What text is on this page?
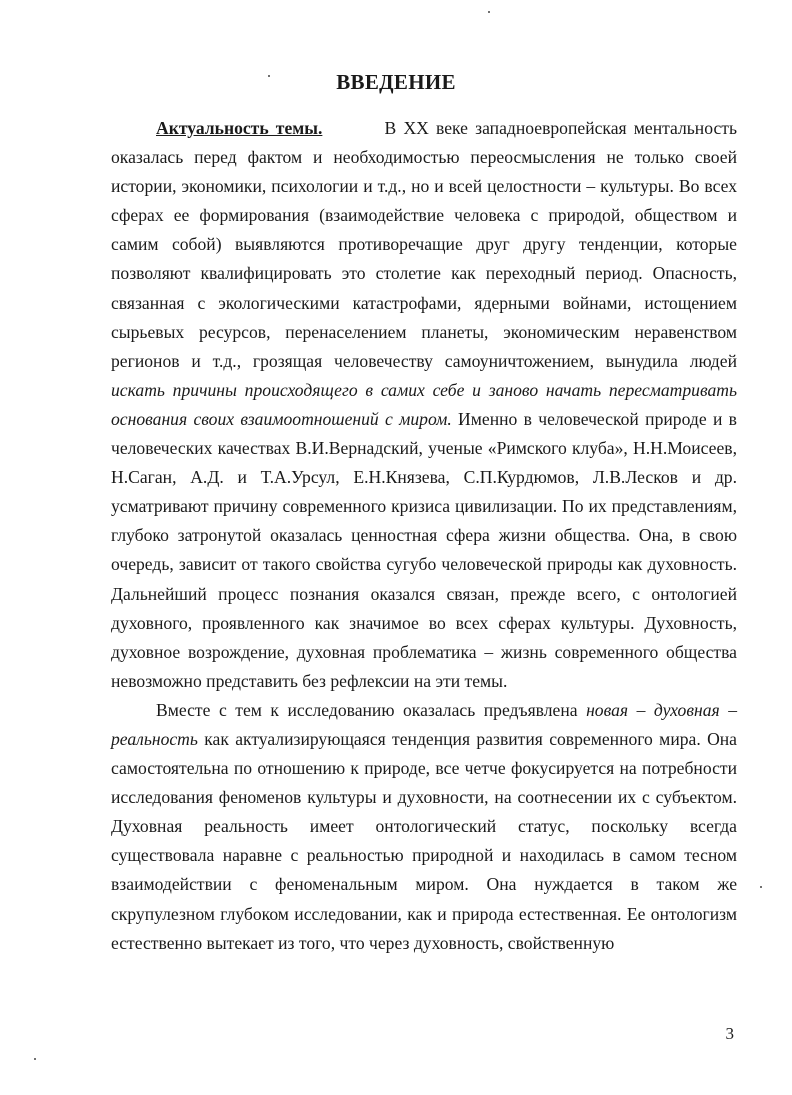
ВВЕДЕНИЕ

Актуальность темы.	В XX веке западноевропейская ментальность оказалась перед фактом и необходимостью переосмысления не только своей истории, экономики, психологии и т.д., но и всей целостности – культуры. Во всех сферах ее формирования (взаимодействие человека с природой, обществом и самим собой) выявляются противоречащие друг другу тенденции, которые позволяют квалифицировать это столетие как переходный период. Опасность, связанная с экологическими катастрофами, ядерными войнами, истощением сырьевых ресурсов, перенаселением планеты, экономическим неравенством регионов и т.д., грозящая человечеству самоуничтожением, вынудила людей искать причины происходящего в самих себе и заново начать пересматривать основания своих взаимоотношений с миром. Именно в человеческой природе и в человеческих качествах В.И.Вернадский, ученые «Римского клуба», Н.Н.Моисеев, Н.Саган, А.Д. и Т.А.Урсул, Е.Н.Князева, С.П.Курдюмов, Л.В.Лесков и др. усматривают причину современного кризиса цивилизации. По их представлениям, глубоко затронутой оказалась ценностная сфера жизни общества. Она, в свою очередь, зависит от такого свойства сугубо человеческой природы как духовность. Дальнейший процесс познания оказался связан, прежде всего, с онтологией духовного, проявленного как значимое во всех сферах культуры. Духовность, духовное возрождение, духовная проблематика – жизнь современного общества невозможно представить без рефлексии на эти темы.

Вместе с тем к исследованию оказалась предъявлена новая – духовная – реальность как актуализирующаяся тенденция развития современного мира. Она самостоятельна по отношению к природе, все четче фокусируется на потребности исследования феноменов культуры и духовности, на соотнесении их с субъектом. Духовная реальность имеет онтологический статус, поскольку всегда существовала наравне с реальностью природной и находилась в самом тесном взаимодействии с феноменальным миром. Она нуждается в таком же скрупулезном глубоком исследовании, как и природа естественная. Ее онтологизм естественно вытекает из того, что через духовность, свойственную

3
